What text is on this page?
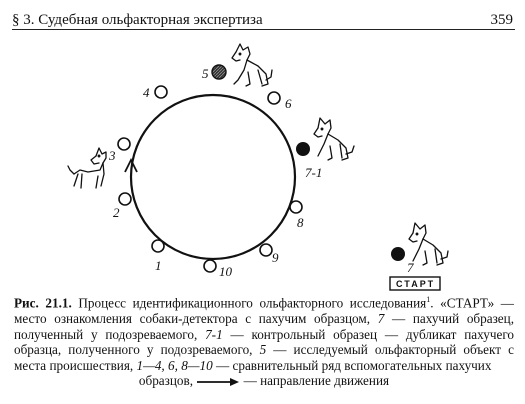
§ 3. Судебная ольфакторная экспертиза	359
1
2
3
4
5
6
7-1
8
9
10	7
СТАРТ
Рис. 21.1. Процесс идентификационного ольфакторного исследования$^1$. «СТАРТ» — место ознакомления собаки-детектора с пахучим образцом, 7 — пахучий образец, полученный у подозреваемого, 7-1 — контрольный образец — дубликат пахучего образца, полученного у подозреваемого, 5 — исследуемый ольфакторный объект с места происшествия, 1—4, 6, 8—10 — сравнительный ряд вспомогательных пахучих
образцов,	— направление движения
